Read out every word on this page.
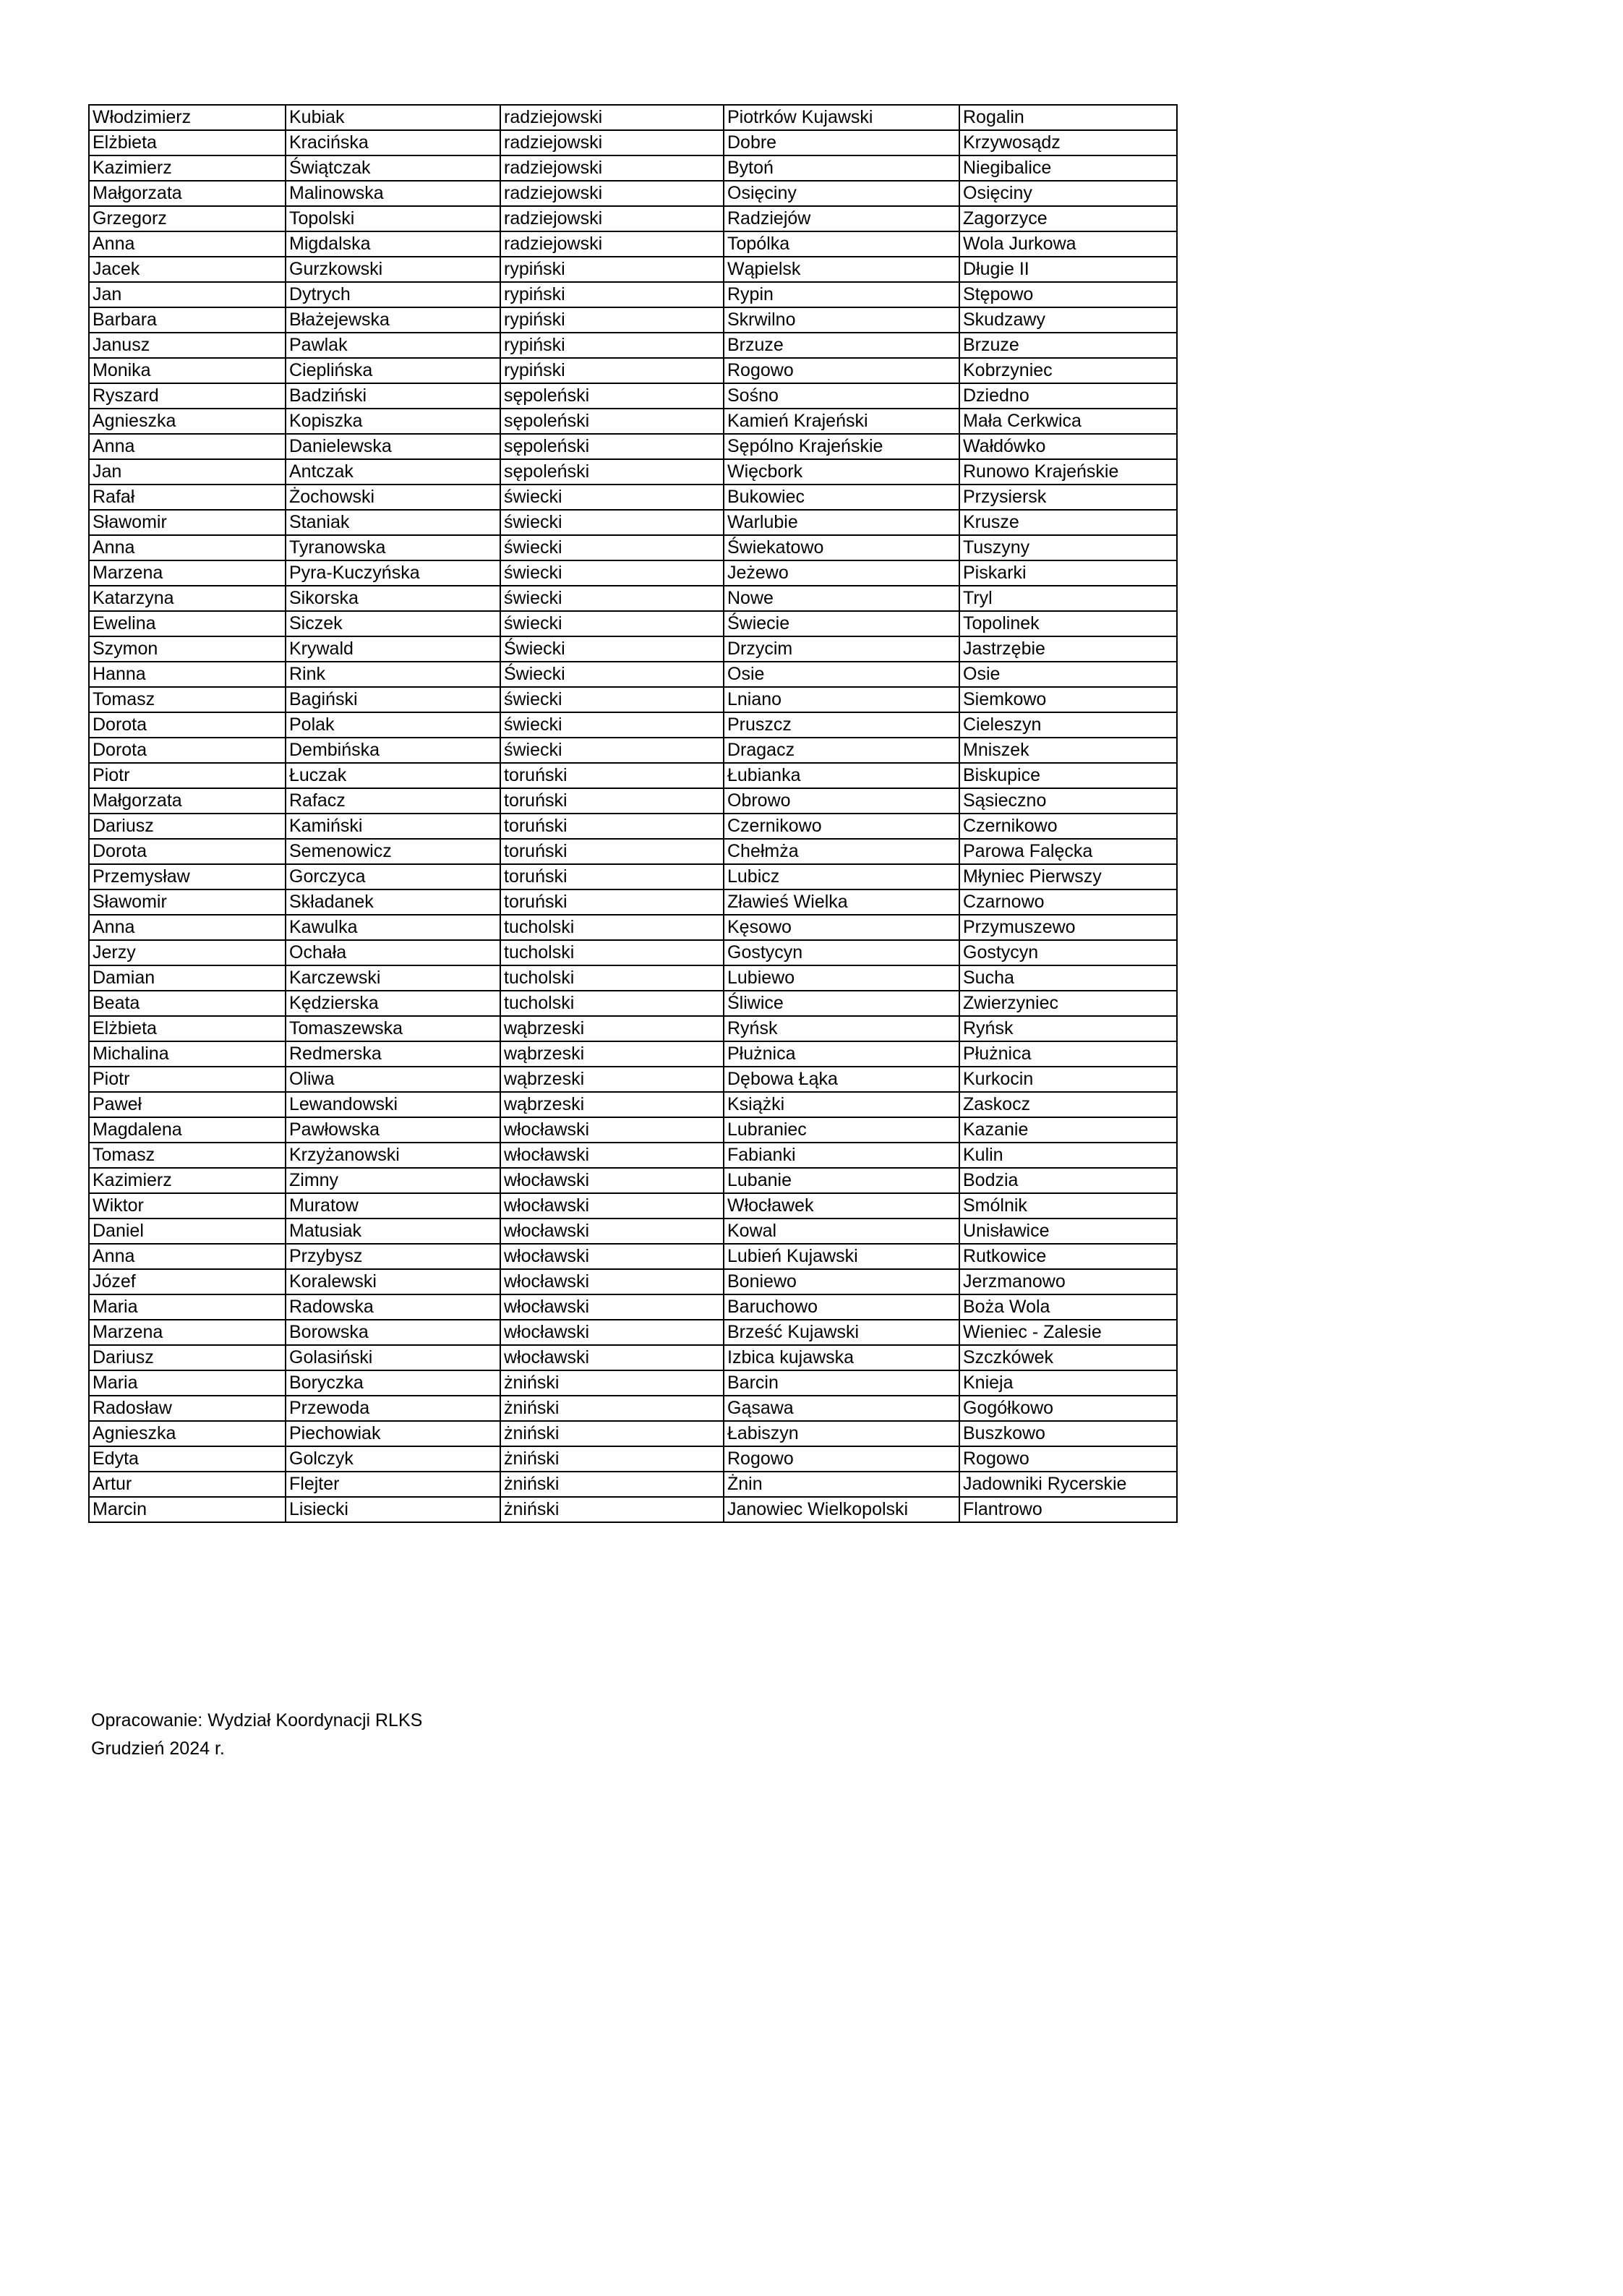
Włodzimierz	Kubiak	radziejowski	Piotrków Kujawski	Rogalin
Elżbieta	Kracińska	radziejowski	Dobre	Krzywosądz
Kazimierz	Świątczak	radziejowski	Bytoń	Niegibalice
Małgorzata	Malinowska	radziejowski	Osięciny	Osięciny
Grzegorz	Topolski	radziejowski	Radziejów	Zagorzyce
Anna	Migdalska	radziejowski	Topólka	Wola Jurkowa
Jacek	Gurzkowski	rypiński	Wąpielsk	Długie II
Jan	Dytrych	rypiński	Rypin	Stępowo
Barbara	Błażejewska	rypiński	Skrwilno	Skudzawy
Janusz	Pawlak	rypiński	Brzuze	Brzuze
Monika	Cieplińska	rypiński	Rogowo	Kobrzyniec
Ryszard	Badziński	sępoleński	Sośno	Dziedno
Agnieszka	Kopiszka	sępoleński	Kamień Krajeński	Mała Cerkwica
Anna	Danielewska	sępoleński	Sępólno Krajeńskie	Wałdówko
Jan	Antczak	sępoleński	Więcbork	Runowo Krajeńskie
Rafał	Żochowski	świecki	Bukowiec	Przysiersk
Sławomir	Staniak	świecki	Warlubie	Krusze
Anna	Tyranowska	świecki	Świekatowo	Tuszyny
Marzena	Pyra-Kuczyńska	świecki	Jeżewo	Piskarki
Katarzyna	Sikorska	świecki	Nowe	Tryl
Ewelina	Siczek	świecki	Świecie	Topolinek
Szymon	Krywald	Świecki	Drzycim	Jastrzębie
Hanna	Rink	Świecki	Osie	Osie
Tomasz	Bagiński	świecki	Lniano	Siemkowo
Dorota	Polak	świecki	Pruszcz	Cieleszyn
Dorota	Dembińska	świecki	Dragacz	Mniszek
Piotr	Łuczak	toruński	Łubianka	Biskupice
Małgorzata	Rafacz	toruński	Obrowo	Sąsieczno
Dariusz	Kamiński	toruński	Czernikowo	Czernikowo
Dorota	Semenowicz	toruński	Chełmża	Parowa Falęcka
Przemysław	Gorczyca	toruński	Lubicz	Młyniec Pierwszy
Sławomir	Składanek	toruński	Zławieś Wielka	Czarnowo
Anna	Kawulka	tucholski	Kęsowo	Przymuszewo
Jerzy	Ochała	tucholski	Gostycyn	Gostycyn
Damian	Karczewski	tucholski	Lubiewo	Sucha
Beata	Kędzierska	tucholski	Śliwice	Zwierzyniec
Elżbieta	Tomaszewska	wąbrzeski	Ryńsk	Ryńsk
Michalina	Redmerska	wąbrzeski	Płużnica	Płużnica
Piotr	Oliwa	wąbrzeski	Dębowa Łąka	Kurkocin
Paweł	Lewandowski	wąbrzeski	Książki	Zaskocz
Magdalena	Pawłowska	włocławski	Lubraniec	Kazanie
Tomasz	Krzyżanowski	włocławski	Fabianki	Kulin
Kazimierz	Zimny	włocławski	Lubanie	Bodzia
Wiktor	Muratow	włocławski	Włocławek	Smólnik
Daniel	Matusiak	włocławski	Kowal	Unisławice
Anna	Przybysz	włocławski	Lubień Kujawski	Rutkowice
Józef	Koralewski	włocławski	Boniewo	Jerzmanowo
Maria	Radowska	włocławski	Baruchowo	Boża Wola
Marzena	Borowska	włocławski	Brześć Kujawski	Wieniec - Zalesie
Dariusz	Golasiński	włocławski	Izbica kujawska	Szczkówek
Maria	Boryczka	żniński	Barcin	Knieja
Radosław	Przewoda	żniński	Gąsawa	Gogółkowo
Agnieszka	Piechowiak	żniński	Łabiszyn	Buszkowo
Edyta	Golczyk	żniński	Rogowo	Rogowo
Artur	Flejter	żniński	Żnin	Jadowniki Rycerskie
Marcin	Lisiecki	żniński	Janowiec Wielkopolski	Flantrowo
Opracowanie: Wydział Koordynacji RLKS
Grudzień 2024 r.
